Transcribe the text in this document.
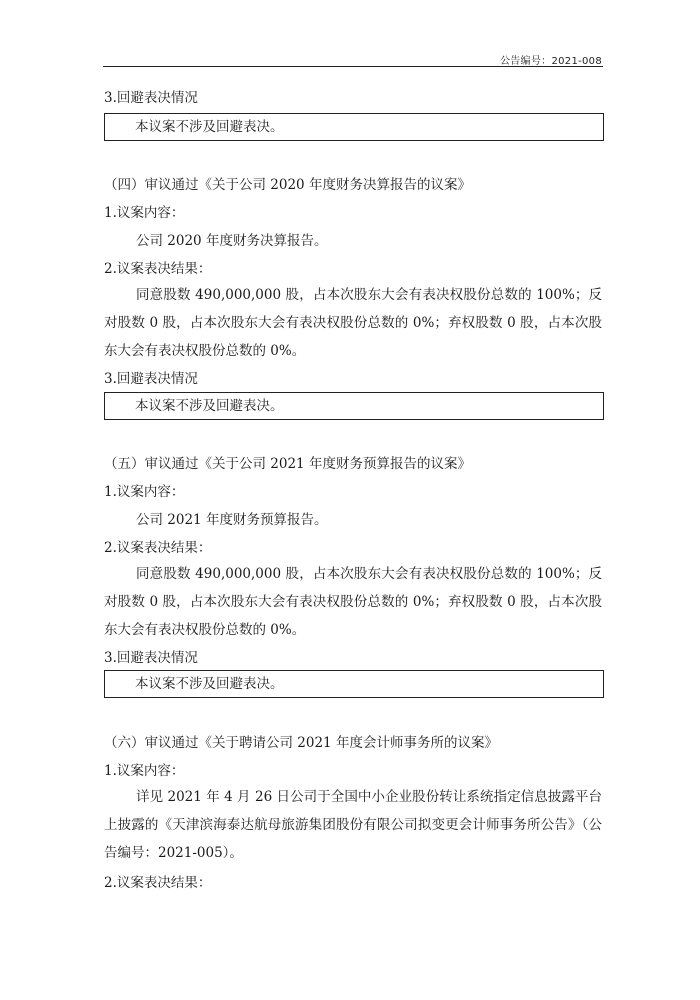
公告编号：2021-008
3.回避表决情况
本议案不涉及回避表决。
（四）审议通过《关于公司 2020 年度财务决算报告的议案》
1.议案内容：
公司 2020 年度财务决算报告。
2.议案表决结果：
同意股数 490,000,000 股，占本次股东大会有表决权股份总数的 100%；反对股数 0 股，占本次股东大会有表决权股份总数的 0%；弃权股数 0 股，占本次股东大会有表决权股份总数的 0%。
3.回避表决情况
本议案不涉及回避表决。
（五）审议通过《关于公司 2021 年度财务预算报告的议案》
1.议案内容：
公司 2021 年度财务预算报告。
2.议案表决结果：
同意股数 490,000,000 股，占本次股东大会有表决权股份总数的 100%；反对股数 0 股，占本次股东大会有表决权股份总数的 0%；弃权股数 0 股，占本次股东大会有表决权股份总数的 0%。
3.回避表决情况
本议案不涉及回避表决。
（六）审议通过《关于聘请公司 2021 年度会计师事务所的议案》
1.议案内容：
详见 2021 年 4 月 26 日公司于全国中小企业股份转让系统指定信息披露平台上披露的《天津滨海泰达航母旅游集团股份有限公司拟变更会计师事务所公告》（公告编号：2021-005）。
2.议案表决结果：
